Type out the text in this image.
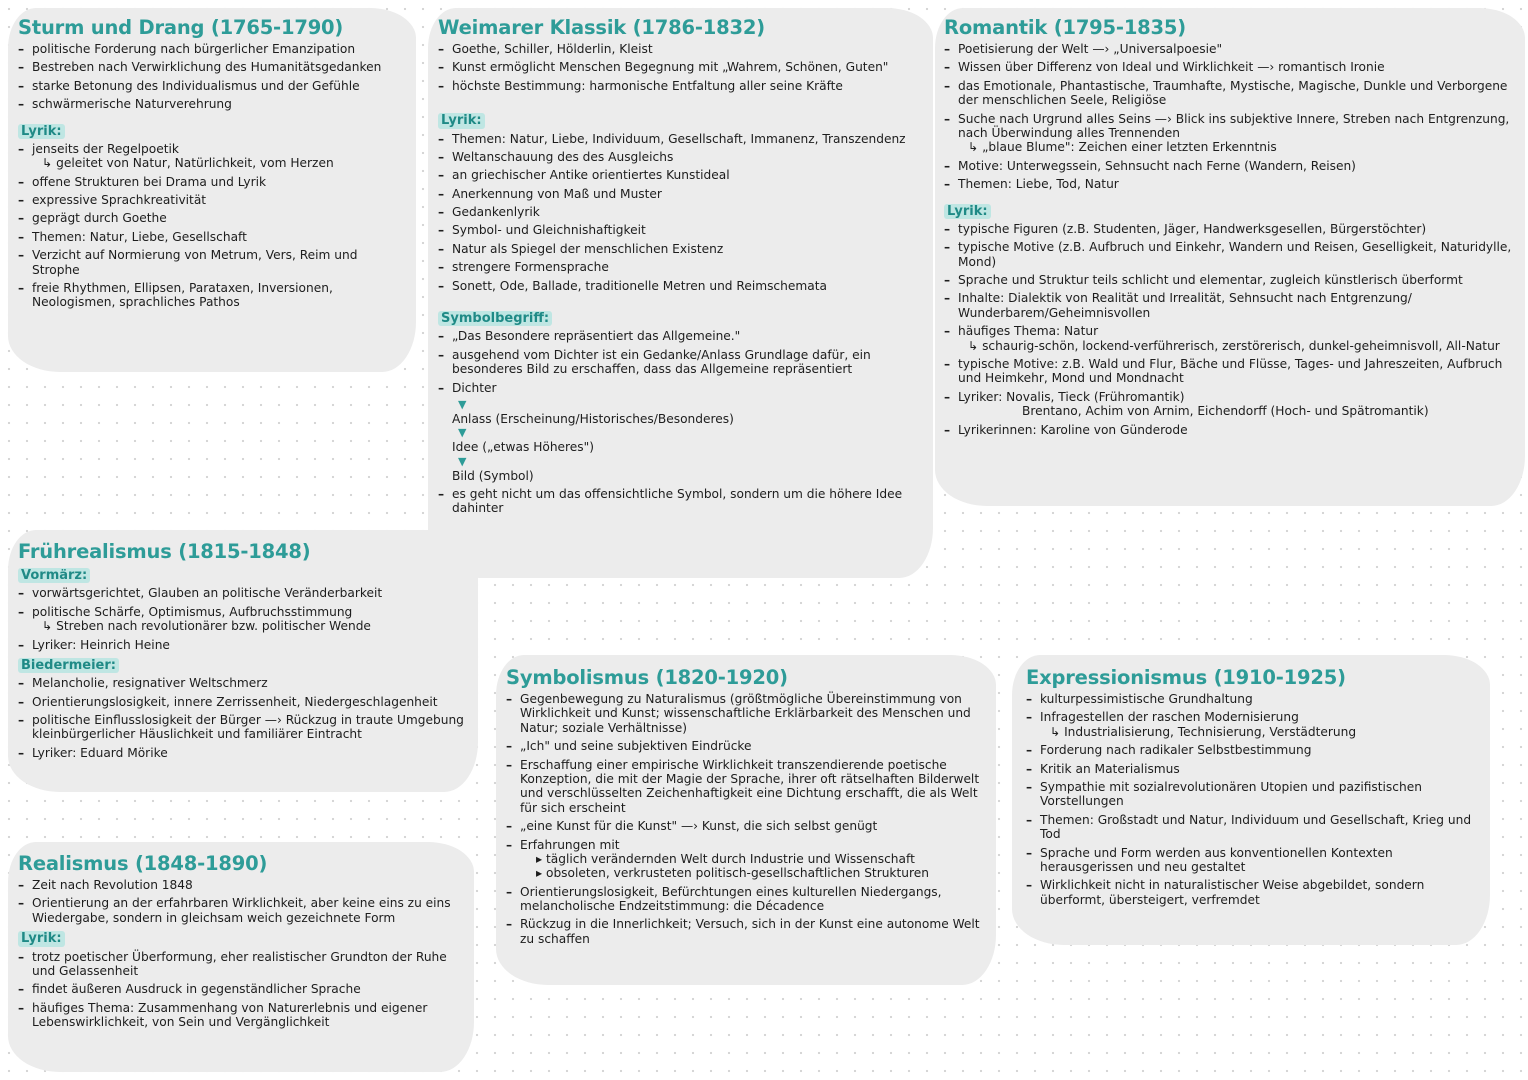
Sturm und Drang (1765-1790)
– politische Forderung nach bürgerlicher Emanzipation
– Bestreben nach Verwirklichung des Humanitätsgedanken
– starke Betonung des Individualismus und der Gefühle
– schwärmerische Naturverehrung
Lyrik:
– jenseits der Regelpoetik
↳ geleitet von Natur, Natürlichkeit, vom Herzen
– offene Strukturen bei Drama und Lyrik
– expressive Sprachkreativität
– geprägt durch Goethe
– Themen: Natur, Liebe, Gesellschaft
– Verzicht auf Normierung von Metrum, Vers, Reim und Strophe
– freie Rhythmen, Ellipsen, Parataxen, Inversionen, Neologismen, sprachliches Pathos
Weimarer Klassik (1786-1832)
– Goethe, Schiller, Hölderlin, Kleist
– Kunst ermöglicht Menschen Begegnung mit „Wahrem, Schönen, Guten"
– höchste Bestimmung: harmonische Entfaltung aller seine Kräfte
Lyrik:
– Themen: Natur, Liebe, Individuum, Gesellschaft, Immanenz, Transzendenz
– Weltanschauung des des Ausgleichs
– an griechischer Antike orientiertes Kunstideal
– Anerkennung von Maß und Muster
– Gedankenlyrik
– Symbol- und Gleichnishaftigkeit
– Natur als Spiegel der menschlichen Existenz
– strengere Formensprache
– Sonett, Ode, Ballade, traditionelle Metren und Reimschemata
Symbolbegriff:
– „Das Besondere repräsentiert das Allgemeine."
– ausgehend vom Dichter ist ein Gedanke/Anlass Grundlage dafür, ein besonderes Bild zu erschaffen, dass das Allgemeine repräsentiert
– Dichter
▼
Anlass (Erscheinung/Historisches/Besonderes)
▼
Idee („etwas Höheres")
▼
Bild (Symbol)
– es geht nicht um das offensichtliche Symbol, sondern um die höhere Idee dahinter
Romantik (1795-1835)
– Poetisierung der Welt —› „Universalpoesie"
– Wissen über Differenz von Ideal und Wirklichkeit —› romantisch Ironie
– das Emotionale, Phantastische, Traumhafte, Mystische, Magische, Dunkle und Verborgene der menschlichen Seele, Religiöse
– Suche nach Urgrund alles Seins —› Blick ins subjektive Innere, Streben nach Entgrenzung, nach Überwindung alles Trennenden
↳ „blaue Blume": Zeichen einer letzten Erkenntnis
– Motive: Unterwegssein, Sehnsucht nach Ferne (Wandern, Reisen)
– Themen: Liebe, Tod, Natur
Lyrik:
– typische Figuren (z.B. Studenten, Jäger, Handwerksgesellen, Bürgerstöchter)
– typische Motive (z.B. Aufbruch und Einkehr, Wandern und Reisen, Geselligkeit, Naturidylle, Mond)
– Sprache und Struktur teils schlicht und elementar, zugleich künstlerisch überformt
– Inhalte: Dialektik von Realität und Irrealität, Sehnsucht nach Entgrenzung/ Wunderbarem/Geheimnisvollen
– häufiges Thema: Natur
↳ schaurig-schön, lockend-verführerisch, zerstörerisch, dunkel-geheimnisvoll, All-Natur
– typische Motive: z.B. Wald und Flur, Bäche und Flüsse, Tages- und Jahreszeiten, Aufbruch und Heimkehr, Mond und Mondnacht
– Lyriker: Novalis, Tieck (Frühromantik)
Brentano, Achim von Arnim, Eichendorff (Hoch- und Spätromantik)
– Lyrikerinnen: Karoline von Günderode
Frührealismus (1815-1848)
Vormärz:
– vorwärtsgerichtet, Glauben an politische Veränderbarkeit
– politische Schärfe, Optimismus, Aufbruchsstimmung
↳ Streben nach revolutionärer bzw. politischer Wende
– Lyriker: Heinrich Heine
Biedermeier:
– Melancholie, resignativer Weltschmerz
– Orientierungslosigkeit, innere Zerrissenheit, Niedergeschlagenheit
– politische Einflusslosigkeit der Bürger —› Rückzug in traute Umgebung kleinbürgerlicher Häuslichkeit und familiärer Eintracht
– Lyriker: Eduard Mörike
Realismus (1848-1890)
– Zeit nach Revolution 1848
– Orientierung an der erfahrbaren Wirklichkeit, aber keine eins zu eins Wiedergabe, sondern in gleichsam weich gezeichnete Form
Lyrik:
– trotz poetischer Überformung, eher realistischer Grundton der Ruhe und Gelassenheit
– findet äußeren Ausdruck in gegenständlicher Sprache
– häufiges Thema: Zusammenhang von Naturerlebnis und eigener Lebenswirklichkeit, von Sein und Vergänglichkeit
Symbolismus (1820-1920)
– Gegenbewegung zu Naturalismus (größtmögliche Übereinstimmung von Wirklichkeit und Kunst; wissenschaftliche Erklärbarkeit des Menschen und Natur; soziale Verhältnisse)
– „Ich" und seine subjektiven Eindrücke
– Erschaffung einer empirische Wirklichkeit transzendierende poetische Konzeption, die mit der Magie der Sprache, ihrer oft rätselhaften Bilderwelt und verschlüsselten Zeichenhaftigkeit eine Dichtung erschafft, die als Welt für sich erscheint
– „eine Kunst für die Kunst" —› Kunst, die sich selbst genügt
– Erfahrungen mit
▸ täglich verändernden Welt durch Industrie und Wissenschaft
▸ obsoleten, verkrusteten politisch-gesellschaftlichen Strukturen
– Orientierungslosigkeit, Befürchtungen eines kulturellen Niedergangs, melancholische Endzeitstimmung: die Décadence
– Rückzug in die Innerlichkeit; Versuch, sich in der Kunst eine autonome Welt zu schaffen
Expressionismus (1910-1925)
– kulturpessimistische Grundhaltung
– Infragestellen der raschen Modernisierung
↳ Industrialisierung, Technisierung, Verstädterung
– Forderung nach radikaler Selbstbestimmung
– Kritik an Materialismus
– Sympathie mit sozialrevolutionären Utopien und pazifistischen Vorstellungen
– Themen: Großstadt und Natur, Individuum und Gesellschaft, Krieg und Tod
– Sprache und Form werden aus konventionellen Kontexten herausgerissen und neu gestaltet
– Wirklichkeit nicht in naturalistischer Weise abgebildet, sondern überformt, übersteigert, verfremdet
